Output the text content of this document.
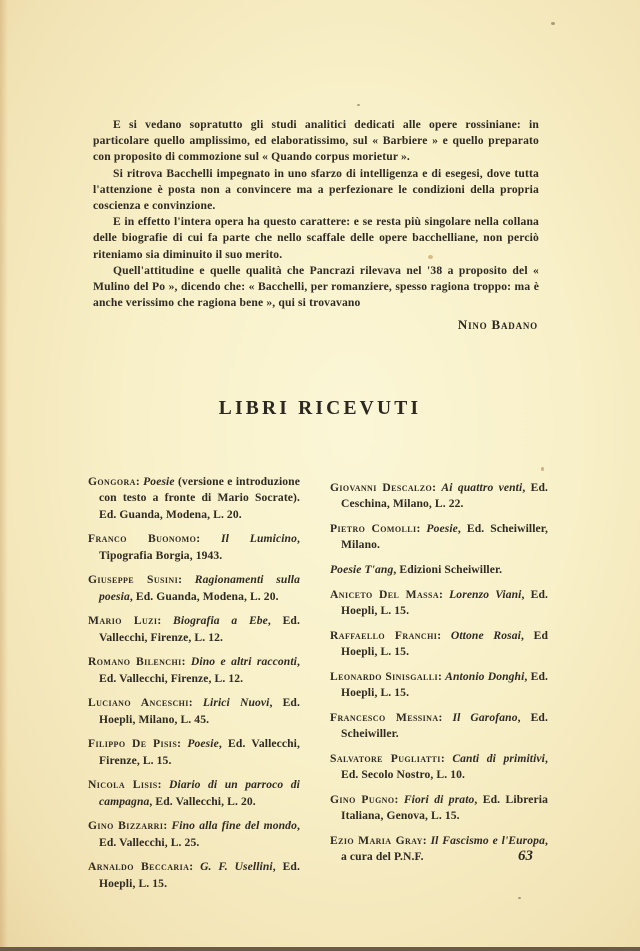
E si vedano sopratutto gli studi analitici dedicati alle opere rossiniane: in particolare quello amplissimo, ed elaboratissimo, sul « Barbiere » e quello preparato con proposito di commozione sul « Quando corpus morietur ».

Si ritrova Bacchelli impegnato in uno sfarzo di intelligenza e di esegesi, dove tutta l'attenzione è posta non a convincere ma a perfezionare le condizioni della propria coscienza e convinzione.

E in effetto l'intera opera ha questo carattere: e se resta più singolare nella collana delle biografie di cui fa parte che nello scaffale delle opere bacchelliane, non perciò riteniamo sia diminuito il suo merito.

Quell'attitudine e quelle qualità che Pancrazi rilevava nel '38 a proposito del « Mulino del Po », dicendo che: « Bacchelli, per romanziere, spesso ragiona troppo: ma è anche verissimo che ragiona bene », qui si trovavano

Nino Badano
LIBRI RICEVUTI
Gongora: Poesie (versione e introduzione con testo a fronte di Mario Socrate). Ed. Guanda, Modena, L. 20.
Franco Buonomo: Il Lumicino, Tipografia Borgia, 1943.
Giuseppe Susini: Ragionamenti sulla poesia, Ed. Guanda, Modena, L. 20.
Mario Luzi: Biografia a Ebe, Ed. Vallecchi, Firenze, L. 12.
Romano Bilenchi: Dino e altri racconti, Ed. Vallecchi, Firenze, L. 12.
Luciano Anceschi: Lirici Nuovi, Ed. Hoepli, Milano, L. 45.
Filippo De Pisis: Poesie, Ed. Vallecchi, Firenze, L. 15.
Nicola Lisis: Diario di un parroco di campagna, Ed. Vallecchi, L. 20.
Gino Bizzarri: Fino alla fine del mondo, Ed. Vallecchi, L. 25.
Arnaldo Beccaria: G. F. Usellini, Ed. Hoepli, L. 15.
Giovanni Descalzo: Ai quattro venti, Ed. Ceschina, Milano, L. 22.
Pietro Comolli: Poesie, Ed. Scheiwiller, Milano.
Poesie T'ang, Edizioni Scheiwiller.
Aniceto Del Massa: Lorenzo Viani, Ed. Hoepli, L. 15.
Raffaello Franchi: Ottone Rosai, Ed Hoepli, L. 15.
Leonardo Sinisgalli: Antonio Donghi, Ed. Hoepli, L. 15.
Francesco Messina: Il Garofano, Ed. Scheiwiller.
Salvatore Pugliatti: Canti di primitivi, Ed. Secolo Nostro, L. 10.
Gino Pugno: Fiori di prato, Ed. Libreria Italiana, Genova, L. 15.
Ezio Maria Gray: Il Fascismo e l'Europa, a cura del P.N.F.	63
